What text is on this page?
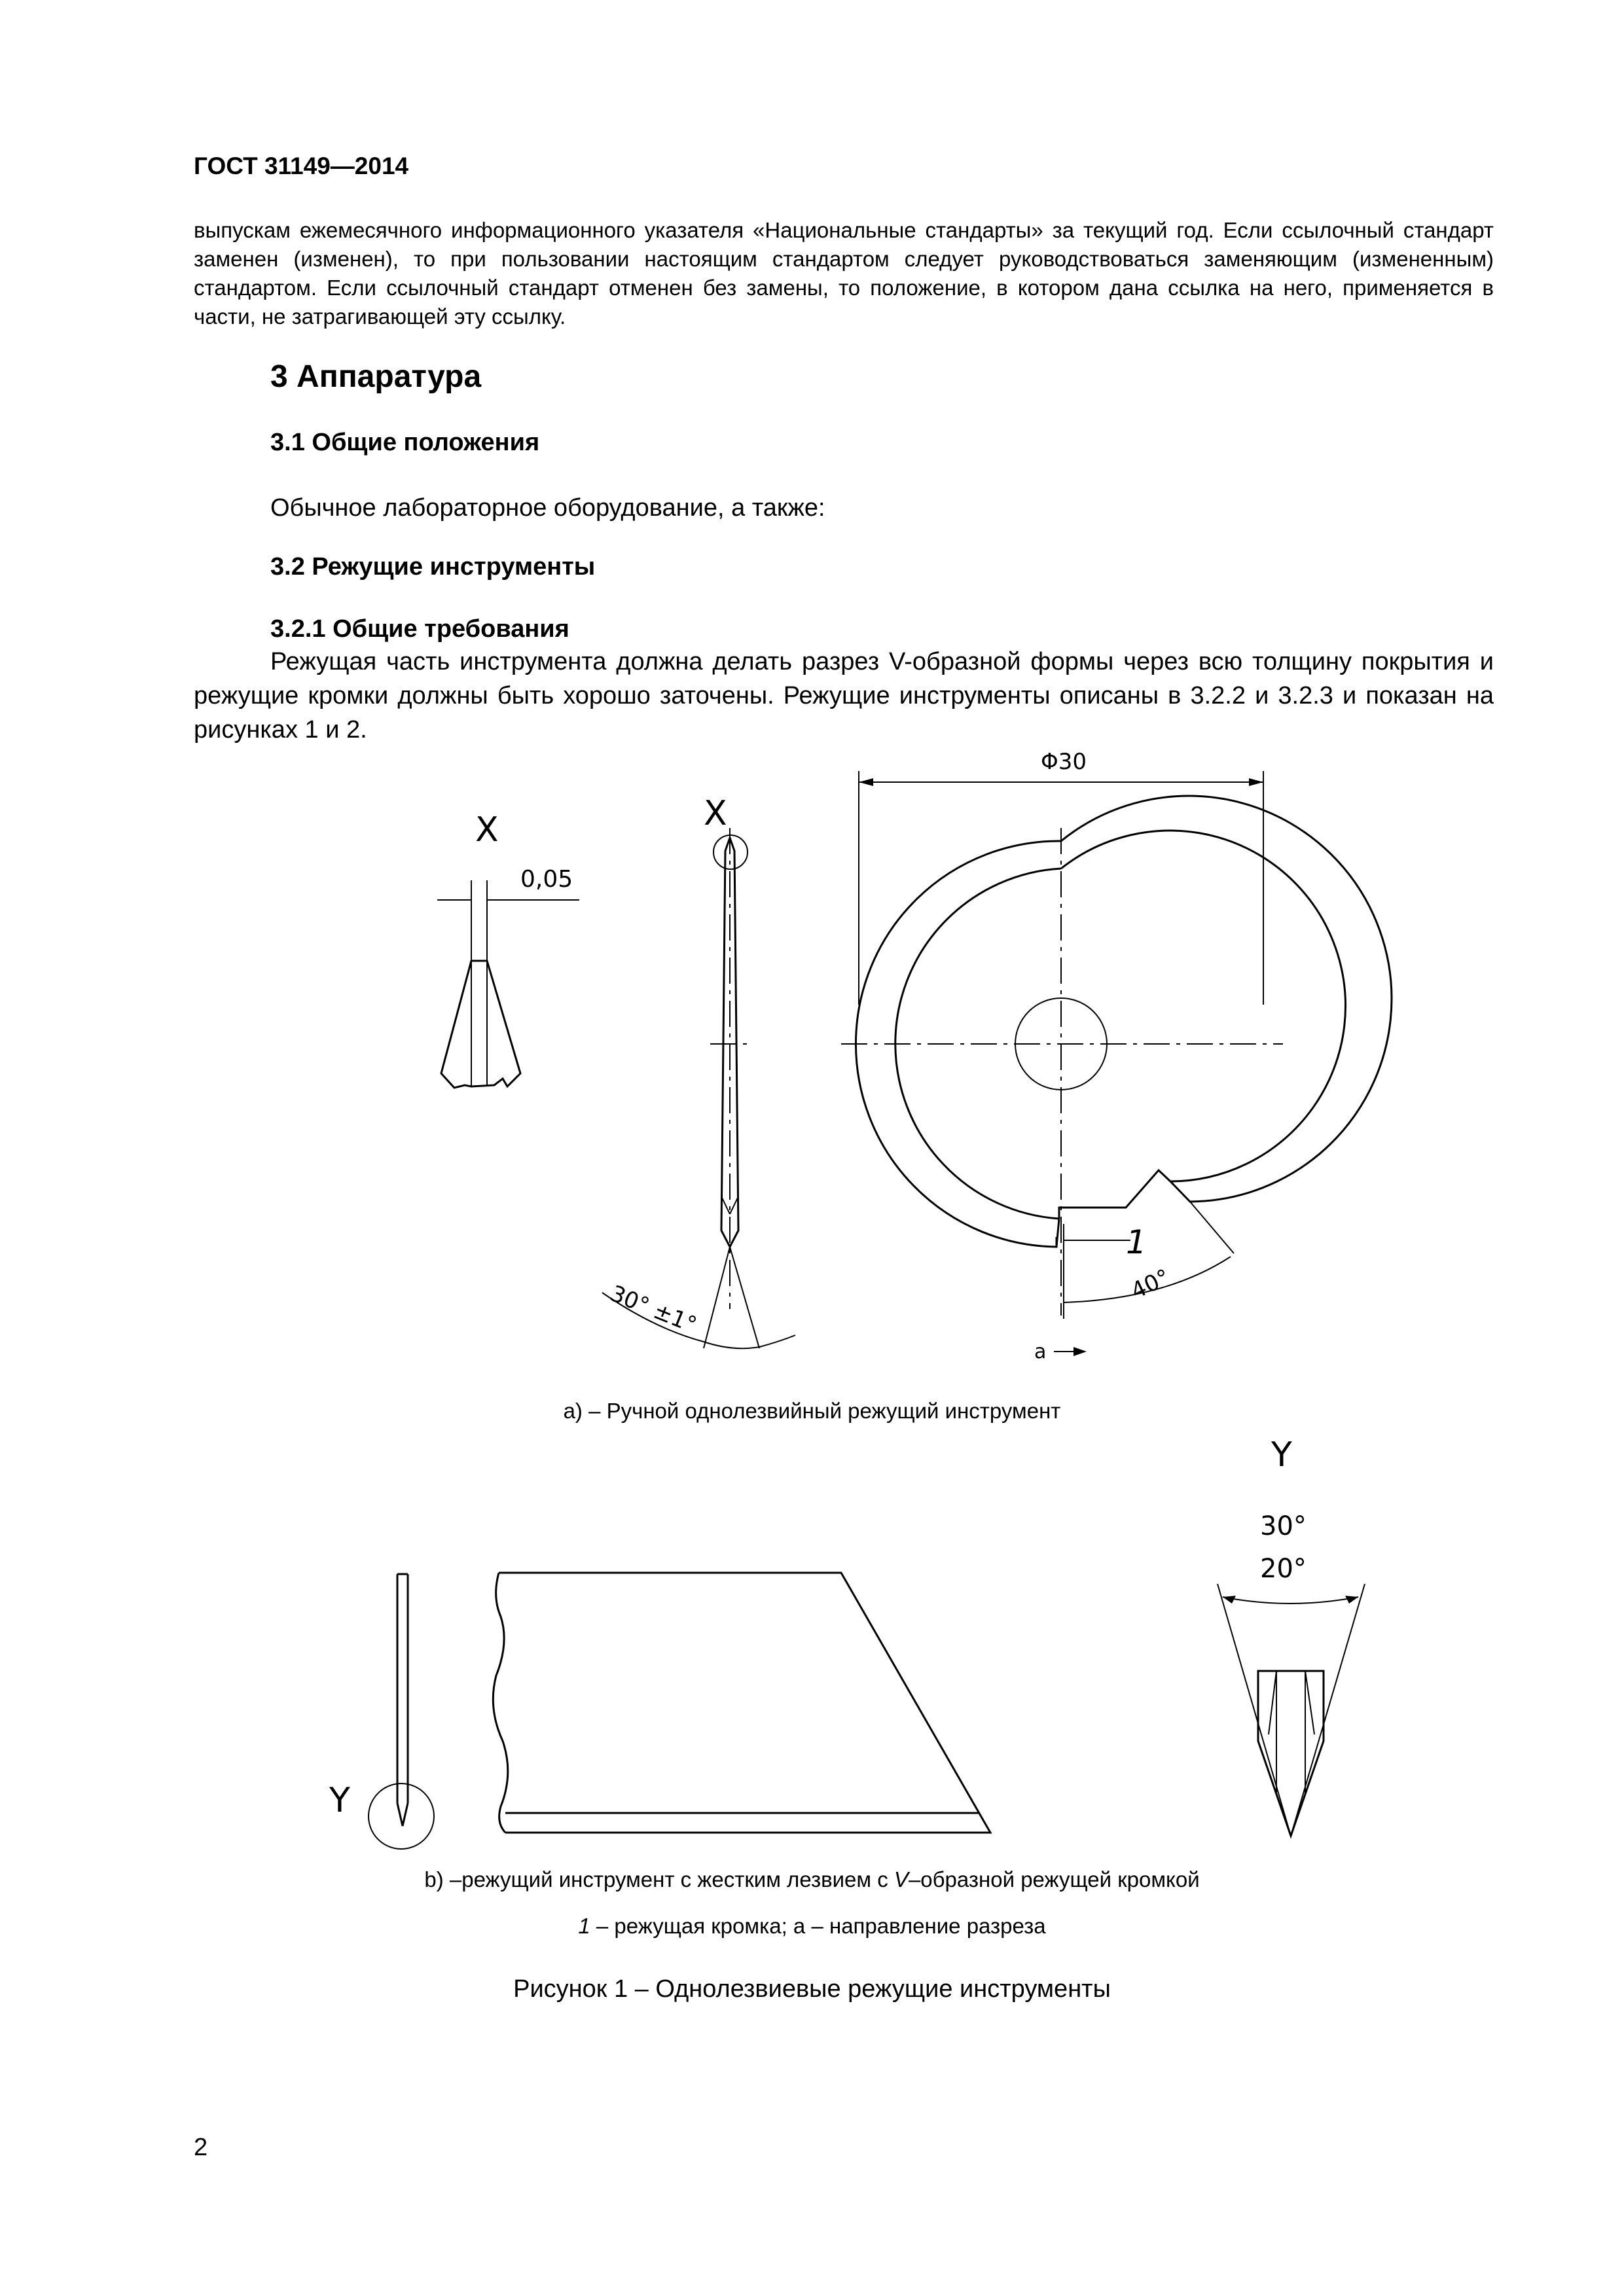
ГОСТ 31149—2014

выпускам ежемесячного информационного указателя «Национальные стандарты» за текущий год. Если ссылочный стандарт заменен (изменен), то при пользовании настоящим стандартом следует руководствоваться заменяющим (измененным) стандартом. Если ссылочный стандарт отменен без замены, то положение, в котором дана ссылка на него, применяется в части, не затрагивающей эту ссылку.

3 Аппаратура
3.1 Общие положения
Обычное лабораторное оборудование, а также:
3.2 Режущие инструменты
3.2.1 Общие требования

Режущая часть инструмента должна делать разрез V-образной формы через всю толщину покрытия и режущие кромки должны быть хорошо заточены. Режущие инструменты описаны в 3.2.2 и 3.2.3 и показан на рисунках 1 и 2.

X
0,05
X
30° ±1°
Φ30
1
40°
a
Y
Y
30°
20°
а) – Ручной однолезвийный режущий инструмент
b) –режущий инструмент с жестким лезвием с V–образной режущей кромкой
1 – режущая кромка; а – направление разреза
Рисунок 1 – Однолезвиевые режущие инструменты
2
